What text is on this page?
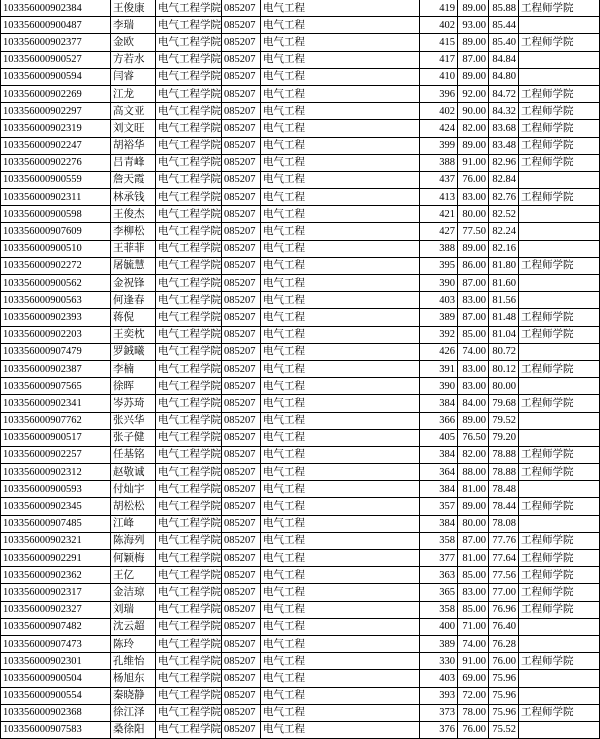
103356000902384	王俊康	电气工程学院	085207	电气工程	419	89.00	85.88	工程师学院
103356000900487	李瑞	电气工程学院	085207	电气工程	402	93.00	85.44	
103356000902377	金欧	电气工程学院	085207	电气工程	415	89.00	85.40	工程师学院
103356000900527	方若水	电气工程学院	085207	电气工程	417	87.00	84.84	
103356000900594	闫睿	电气工程学院	085207	电气工程	410	89.00	84.80	
103356000902269	江龙	电气工程学院	085207	电气工程	396	92.00	84.72	工程师学院
103356000902297	高文亚	电气工程学院	085207	电气工程	402	90.00	84.32	工程师学院
103356000902319	刘文旺	电气工程学院	085207	电气工程	424	82.00	83.68	工程师学院
103356000902247	胡裕华	电气工程学院	085207	电气工程	399	89.00	83.48	工程师学院
103356000902276	吕青峰	电气工程学院	085207	电气工程	388	91.00	82.96	工程师学院
103356000900559	詹天霞	电气工程学院	085207	电气工程	437	76.00	82.84	
103356000902311	林承钱	电气工程学院	085207	电气工程	413	83.00	82.76	工程师学院
103356000900598	王俊杰	电气工程学院	085207	电气工程	421	80.00	82.52	
103356000907609	李柳松	电气工程学院	085207	电气工程	427	77.50	82.24	
103356000900510	王菲菲	电气工程学院	085207	电气工程	388	89.00	82.16	
103356000902272	屠毓慧	电气工程学院	085207	电气工程	395	86.00	81.80	工程师学院
103356000900562	金祝锋	电气工程学院	085207	电气工程	390	87.00	81.60	
103356000900563	何逢春	电气工程学院	085207	电气工程	403	83.00	81.56	
103356000902393	蒋倪	电气工程学院	085207	电气工程	389	87.00	81.48	工程师学院
103356000902203	王奕枕	电气工程学院	085207	电气工程	392	85.00	81.04	工程师学院
103356000907479	罗銊曦	电气工程学院	085207	电气工程	426	74.00	80.72	
103356000902387	李楠	电气工程学院	085207	电气工程	391	83.00	80.12	工程师学院
103356000907565	徐晖	电气工程学院	085207	电气工程	390	83.00	80.00	
103356000902341	岑苏琦	电气工程学院	085207	电气工程	384	84.00	79.68	工程师学院
103356000907762	张兴华	电气工程学院	085207	电气工程	366	89.00	79.52	
103356000900517	张子健	电气工程学院	085207	电气工程	405	76.50	79.20	
103356000902257	任基铭	电气工程学院	085207	电气工程	384	82.00	78.88	工程师学院
103356000902312	赵敬诚	电气工程学院	085207	电气工程	364	88.00	78.88	工程师学院
103356000900593	付灿宇	电气工程学院	085207	电气工程	384	81.00	78.48	
103356000902345	胡松松	电气工程学院	085207	电气工程	357	89.00	78.44	工程师学院
103356000907485	江峰	电气工程学院	085207	电气工程	384	80.00	78.08	
103356000902321	陈海列	电气工程学院	085207	电气工程	358	87.00	77.76	工程师学院
103356000902291	何颖梅	电气工程学院	085207	电气工程	377	81.00	77.64	工程师学院
103356000902362	王亿	电气工程学院	085207	电气工程	363	85.00	77.56	工程师学院
103356000902317	金洁琼	电气工程学院	085207	电气工程	365	83.00	77.00	工程师学院
103356000902327	刘瑞	电气工程学院	085207	电气工程	358	85.00	76.96	工程师学院
103356000907482	沈云超	电气工程学院	085207	电气工程	400	71.00	76.40	
103356000907473	陈玲	电气工程学院	085207	电气工程	389	74.00	76.28	
103356000902301	孔维怡	电气工程学院	085207	电气工程	330	91.00	76.00	工程师学院
103356000900504	杨旭东	电气工程学院	085207	电气工程	403	69.00	75.96	
103356000900554	秦晓静	电气工程学院	085207	电气工程	393	72.00	75.96	
103356000902368	徐江泽	电气工程学院	085207	电气工程	373	78.00	75.96	工程师学院
103356000907583	桑徐阳	电气工程学院	085207	电气工程	376	76.00	75.52	
